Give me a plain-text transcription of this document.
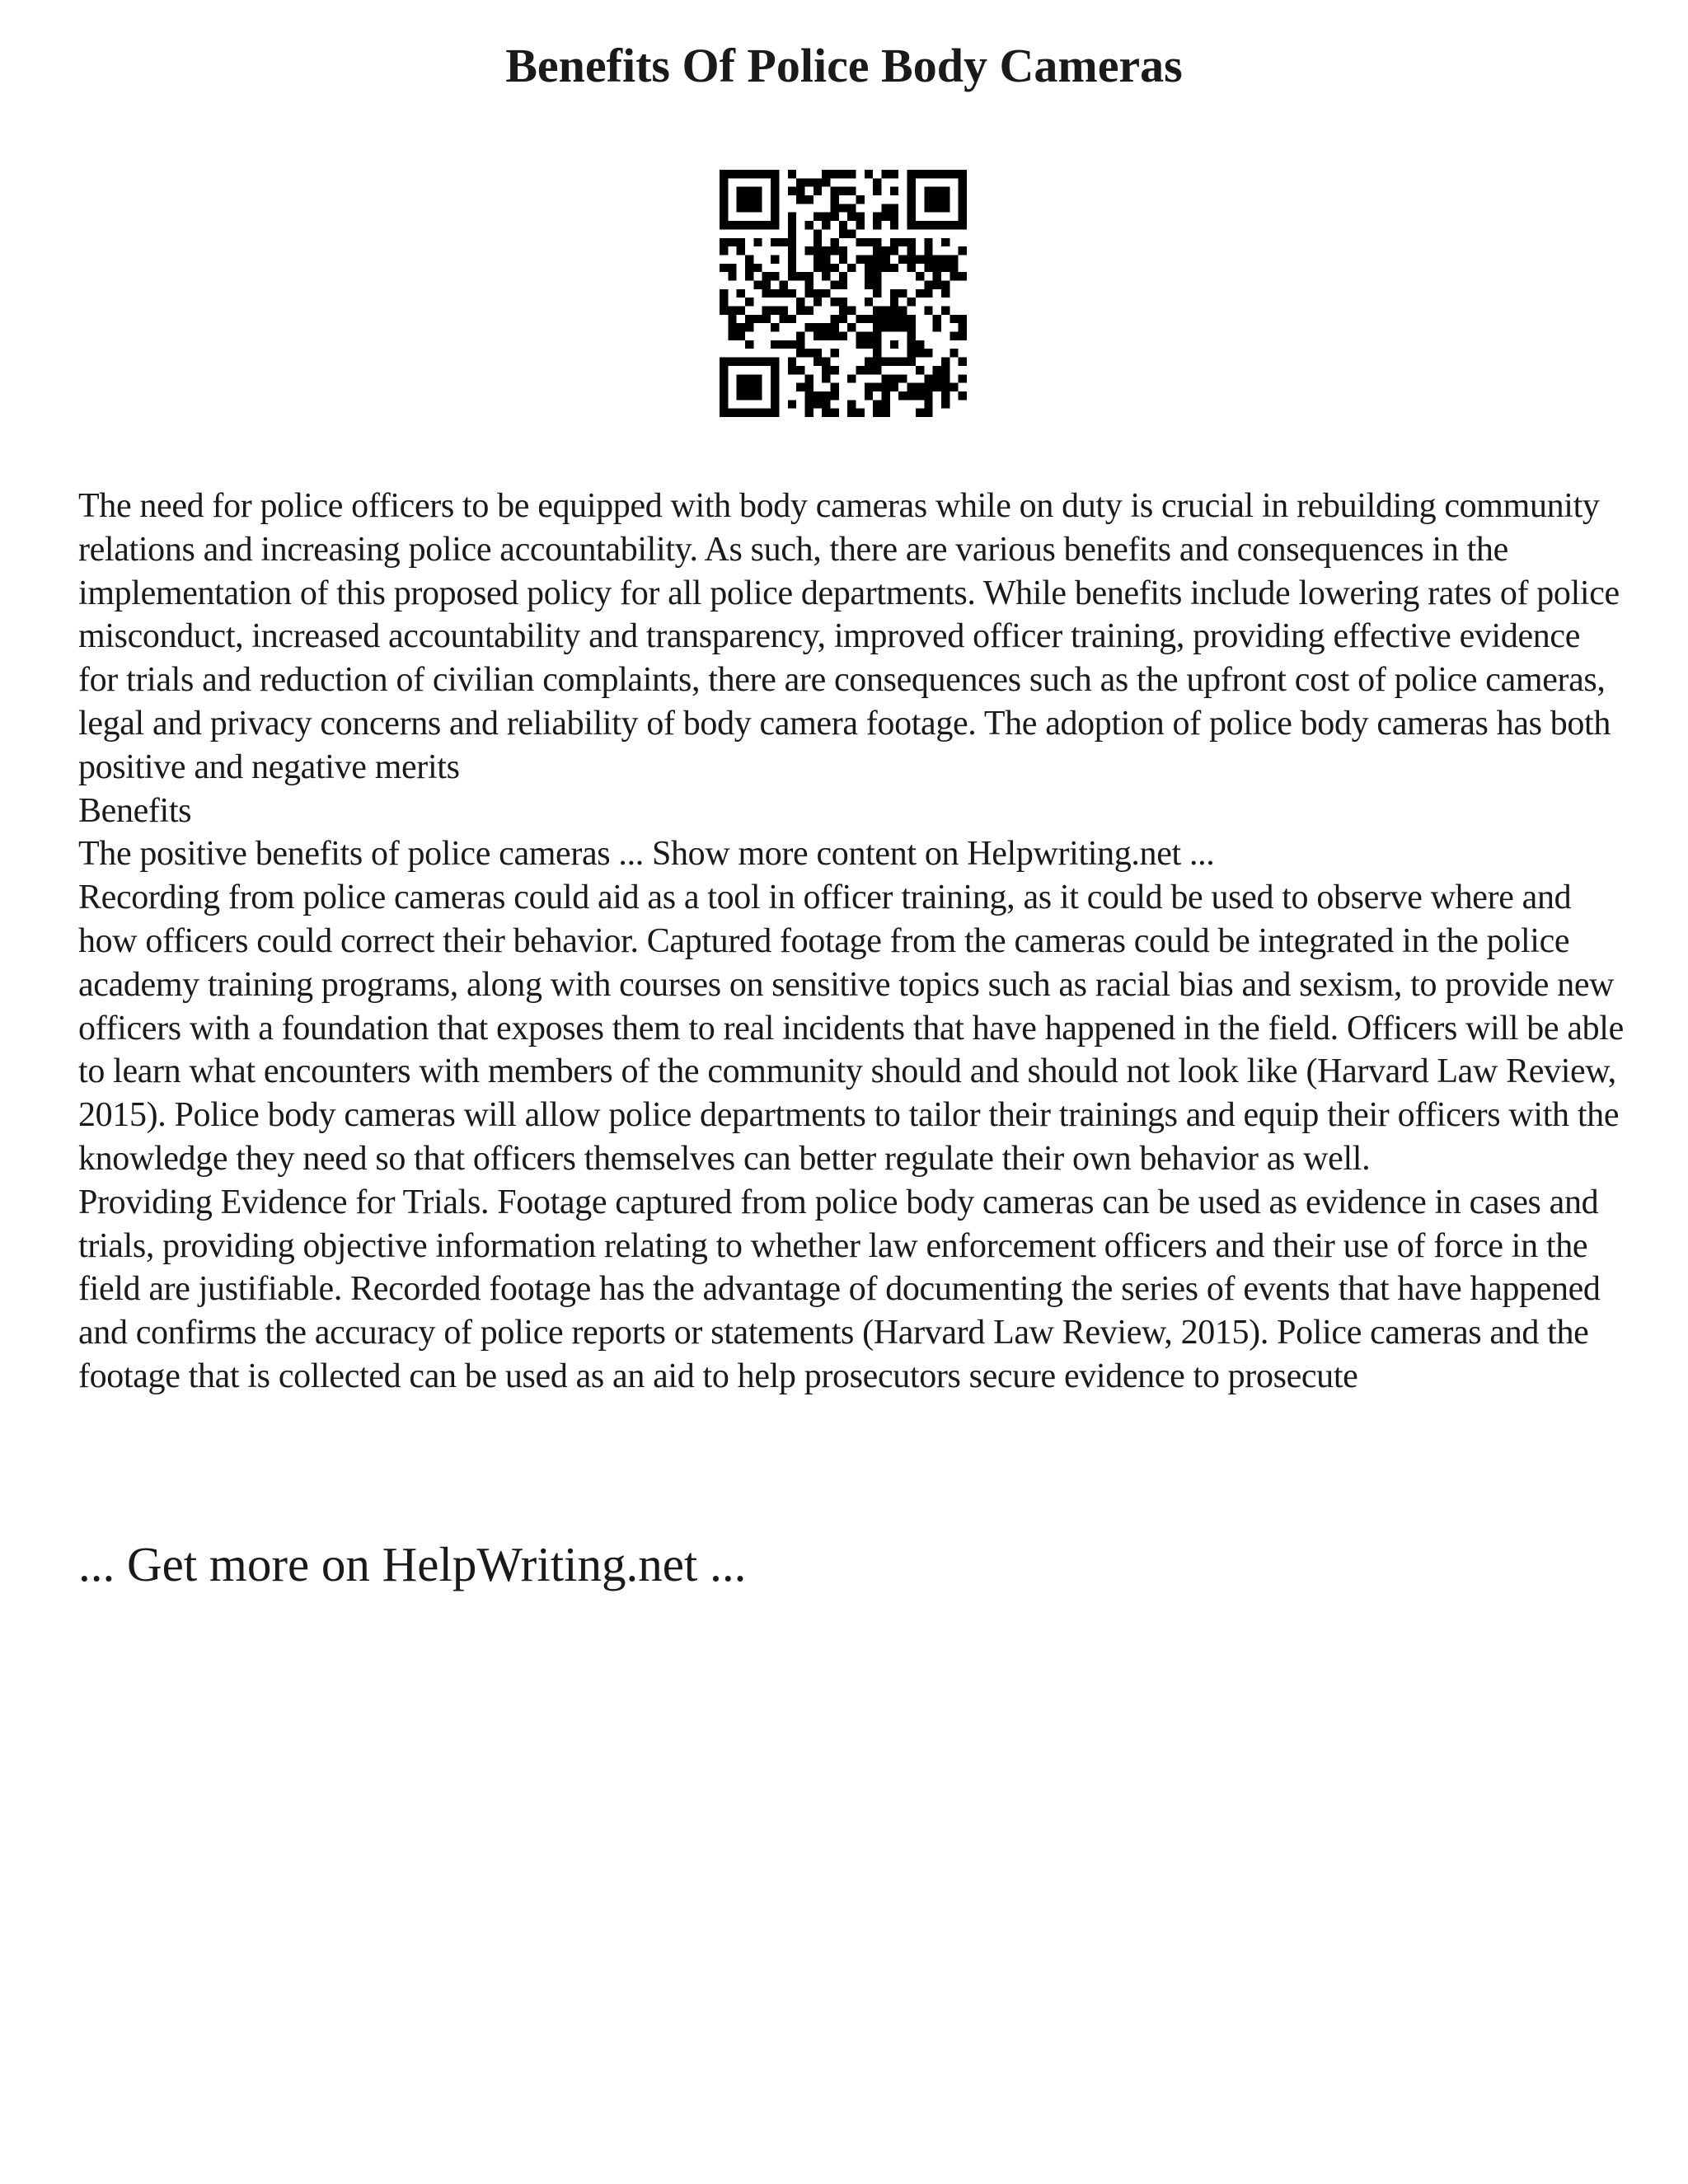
Benefits Of Police Body Cameras

The need for police officers to be equipped with body cameras while on duty is crucial in rebuilding community relations and increasing police accountability. As such, there are various benefits and consequences in the implementation of this proposed policy for all police departments. While benefits include lowering rates of police misconduct, increased accountability and transparency, improved officer training, providing effective evidence for trials and reduction of civilian complaints, there are consequences such as the upfront cost of police cameras, legal and privacy concerns and reliability of body camera footage. The adoption of police body cameras has both positive and negative merits

Benefits

The positive benefits of police cameras ... Show more content on Helpwriting.net ...

Recording from police cameras could aid as a tool in officer training, as it could be used to observe where and how officers could correct their behavior. Captured footage from the cameras could be integrated in the police academy training programs, along with courses on sensitive topics such as racial bias and sexism, to provide new officers with a foundation that exposes them to real incidents that have happened in the field. Officers will be able to learn what encounters with members of the community should and should not look like (Harvard Law Review, 2015). Police body cameras will allow police departments to tailor their trainings and equip their officers with the knowledge they need so that officers themselves can better regulate their own behavior as well.

Providing Evidence for Trials. Footage captured from police body cameras can be used as evidence in cases and trials, providing objective information relating to whether law enforcement officers and their use of force in the field are justifiable. Recorded footage has the advantage of documenting the series of events that have happened and confirms the accuracy of police reports or statements (Harvard Law Review, 2015). Police cameras and the footage that is collected can be used as an aid to help prosecutors secure evidence to prosecute

... Get more on HelpWriting.net ...
